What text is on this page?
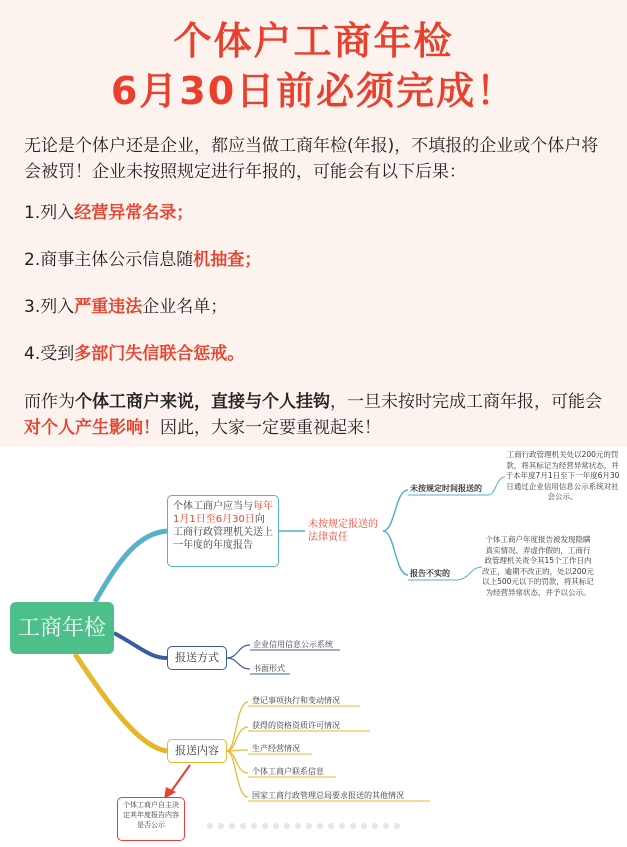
个体户工商年检
6月30日前必须完成！
无论是个体户还是企业，都应当做工商年检(年报)，不填报的企业或个体户将会被罚！企业未按照规定进行年报的，可能会有以下后果：
1.列入经营异常名录；
2.商事主体公示信息随机抽查；
3.列入严重违法企业名单；
4.受到多部门失信联合惩戒。
而作为个体工商户来说，直接与个人挂钩，一旦未按时完成工商年报，可能会对个人产生影响！因此，大家一定要重视起来！
工商年检
个体工商户应当与每年1月1日至6月30日向工商行政管理机关送上一年度的年度报告
未按规定报送的法律责任
未按规定时间报送的
工商行政管理机关处以200元的罚款，将其标记为经营异常状态，并于本年度7月1日至下一年度6月30日通过企业信用信息公示系统对社会公示。
报告不实的
个体工商户年度报告被发现隐瞒真实情况、弄虚作假的，工商行政管理机关责令其15个工作日内改正，逾期不改正的，处以200元以上500元以下的罚款，将其标记为经营异常状态，并予以公示。
报送方式
企业信用信息公示系统
书面形式
报送内容
登记事项执行和变动情况
获得的资格资质许可情况
生产经营情况
个体工商户联系信息
国家工商行政管理总局要求报送的其他情况
个体工商户自主决定其年度报告内容是否公示
